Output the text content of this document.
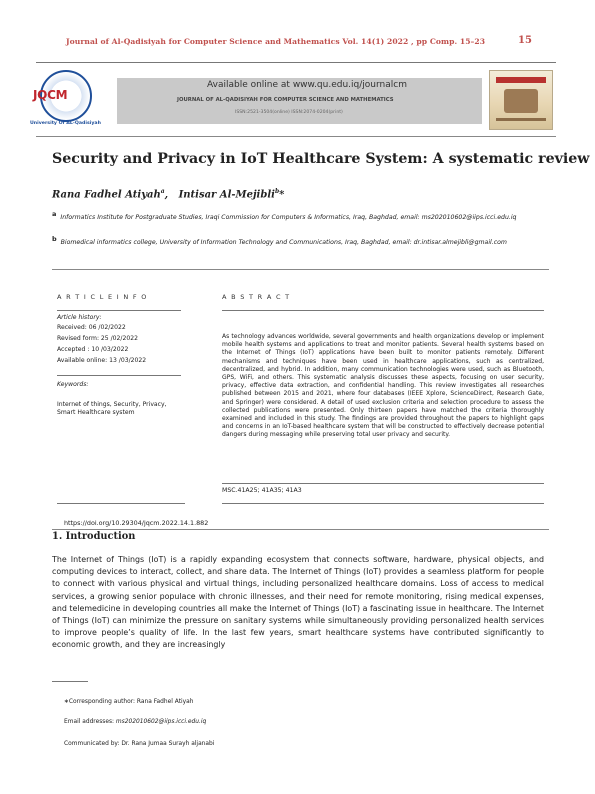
Journal of Al-Qadisiyah for Computer Science and Mathematics Vol. 14(1) 2022 , pp Comp. 15–23	15
JQCM
University Of AL-Qadisiyah
Available online at www.qu.edu.iq/journalcm
JOURNAL OF AL-QADISIYAH FOR COMPUTER SCIENCE AND MATHEMATICS
ISSN:2521-3504(online) ISSN:2074-0204(print)
Security and Privacy in IoT Healthcare System: A systematic review
Rana Fadhel Atiyah$^a$,   Intisar Al-Mejibli$^b$*
a Informatics Institute for Postgraduate Studies, Iraqi Commission for Computers & Informatics, Iraq, Baghdad, email: ms202010602@iips.icci.edu.iq
b Biomedical informatics college, University of Information Technology and Communications, Iraq, Baghdad, email: dr.intisar.almejibli@gmail.com
A R T I C L E I N F O	A B S T R A C T
Article history:
Received: 06 /02/2022
Revised form: 25 /02/2022
Accepted : 10 /03/2022
Available online: 13 /03/2022
Keywords:
Internet of things, Security, Privacy, Smart Healthcare system
As technology advances worldwide, several governments and health organizations develop or implement mobile health systems and applications to treat and monitor patients. Several health systems based on the Internet of Things (IoT) applications have been built to monitor patients remotely. Different mechanisms and techniques have been used in healthcare applications, such as centralized, decentralized, and hybrid. In addition, many communication technologies were used, such as Bluetooth, GPS, WiFi, and others. This systematic analysis discusses these aspects, focusing on user security, privacy, effective data extraction, and confidential handling. This review investigates all researches published between 2015 and 2021, where four databases (IEEE Xplore, ScienceDirect, Research Gate, and Springer) were considered. A detail of used exclusion criteria and selection procedure to assess the collected publications were presented. Only thirteen papers have matched the criteria thoroughly examined and included in this study. The findings are provided throughout the papers to highlight gaps and concerns in an IoT-based healthcare system that will be constructed to effectively decrease potential dangers during messaging while preserving total user privacy and security.
MSC.41A25; 41A35; 41A3
https://doi.org/10.29304/jqcm.2022.14.1.882
1. Introduction
The Internet of Things (IoT) is a rapidly expanding ecosystem that connects software, hardware, physical objects, and computing devices to interact, collect, and share data. The Internet of Things (IoT) provides a seamless platform for people to connect with various physical and virtual things, including personalized healthcare domains. Loss of access to medical services, a growing senior populace with chronic illnesses, and their need for remote monitoring, rising medical expenses, and telemedicine in developing countries all make the Internet of Things (IoT) a fascinating issue in healthcare. The Internet of Things (IoT) can minimize the pressure on sanitary systems while simultaneously providing personalized health services to improve people’s quality of life. In the last few years, smart healthcare systems have contributed significantly to economic growth, and they are increasingly
∗Corresponding author: Rana Fadhel Atiyah
Email addresses: ms202010602@iips.icci.edu.iq
Communicated by: Dr. Rana Jumaa Surayh aljanabi
